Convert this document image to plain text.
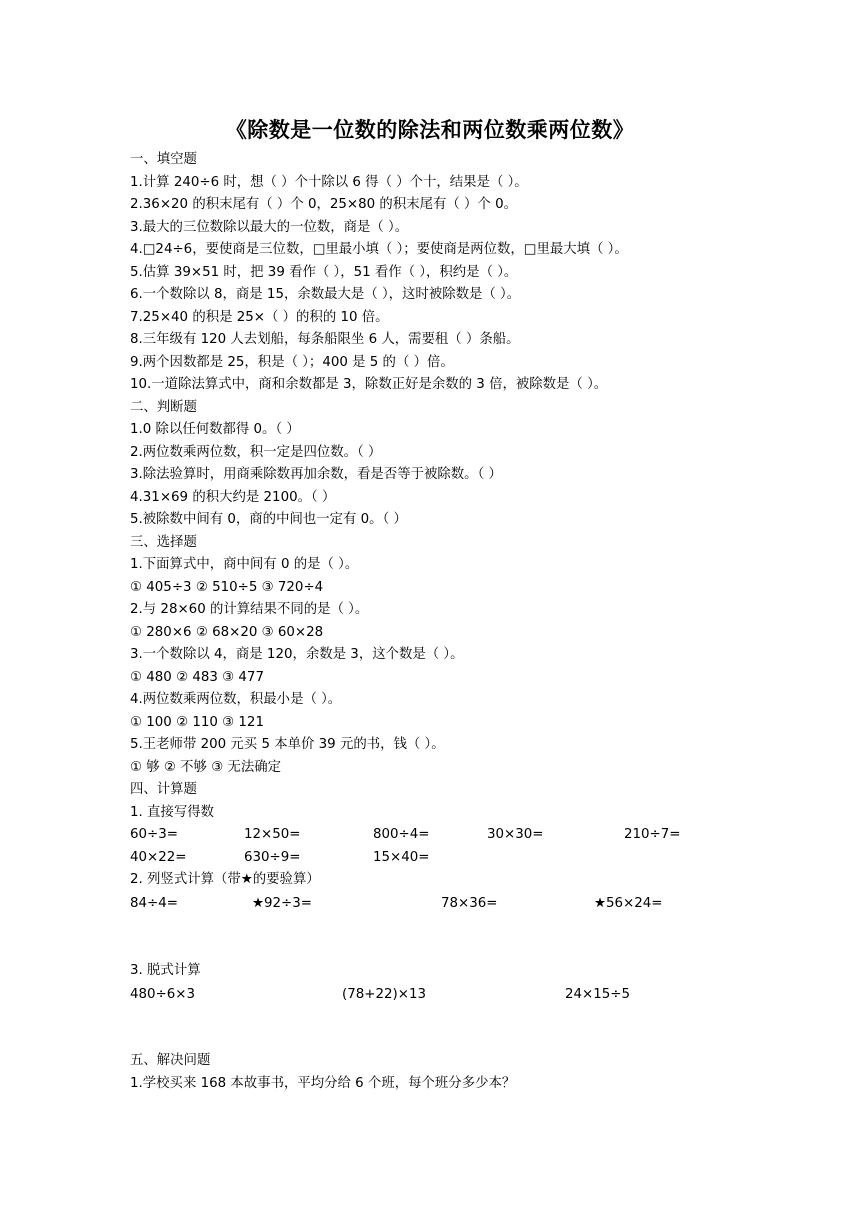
《除数是一位数的除法和两位数乘两位数》
一、填空题
1.计算 240÷6 时，想（ ）个十除以 6 得（ ）个十，结果是（ ）。
2.36×20 的积末尾有（ ）个 0，25×80 的积末尾有（ ）个 0。
3.最大的三位数除以最大的一位数，商是（ ）。
4.□24÷6，要使商是三位数，□里最小填（ ）；要使商是两位数，□里最大填（ ）。
5.估算 39×51 时，把 39 看作（ ），51 看作（ ），积约是（ ）。
6.一个数除以 8，商是 15，余数最大是（ ），这时被除数是（ ）。
7.25×40 的积是 25×（ ）的积的 10 倍。
8.三年级有 120 人去划船，每条船限坐 6 人，需要租（ ）条船。
9.两个因数都是 25，积是（ ）；400 是 5 的（ ）倍。
10.一道除法算式中，商和余数都是 3，除数正好是余数的 3 倍，被除数是（ ）。
二、判断题
1.0 除以任何数都得 0。（ ）
2.两位数乘两位数，积一定是四位数。（ ）
3.除法验算时，用商乘除数再加余数，看是否等于被除数。（ ）
4.31×69 的积大约是 2100。（ ）
5.被除数中间有 0，商的中间也一定有 0。（ ）
三、选择题
1.下面算式中，商中间有 0 的是（ ）。
① 405÷3 ② 510÷5 ③ 720÷4
2.与 28×60 的计算结果不同的是（ ）。
① 280×6 ② 68×20 ③ 60×28
3.一个数除以 4，商是 120，余数是 3，这个数是（ ）。
① 480 ② 483 ③ 477
4.两位数乘两位数，积最小是（ ）。
① 100 ② 110 ③ 121
5.王老师带 200 元买 5 本单价 39 元的书，钱（ ）。
① 够 ② 不够 ③ 无法确定
四、计算题
1. 直接写得数
60÷3=	12×50=	800÷4=	30×30=	210÷7=
40×22=	630÷9=	15×40=
2. 列竖式计算（带★的要验算）
84÷4=	★92÷3=	78×36=	★56×24=
3. 脱式计算
480÷6×3	(78+22)×13	24×15÷5
五、解决问题
1.学校买来 168 本故事书，平均分给 6 个班，每个班分多少本？
